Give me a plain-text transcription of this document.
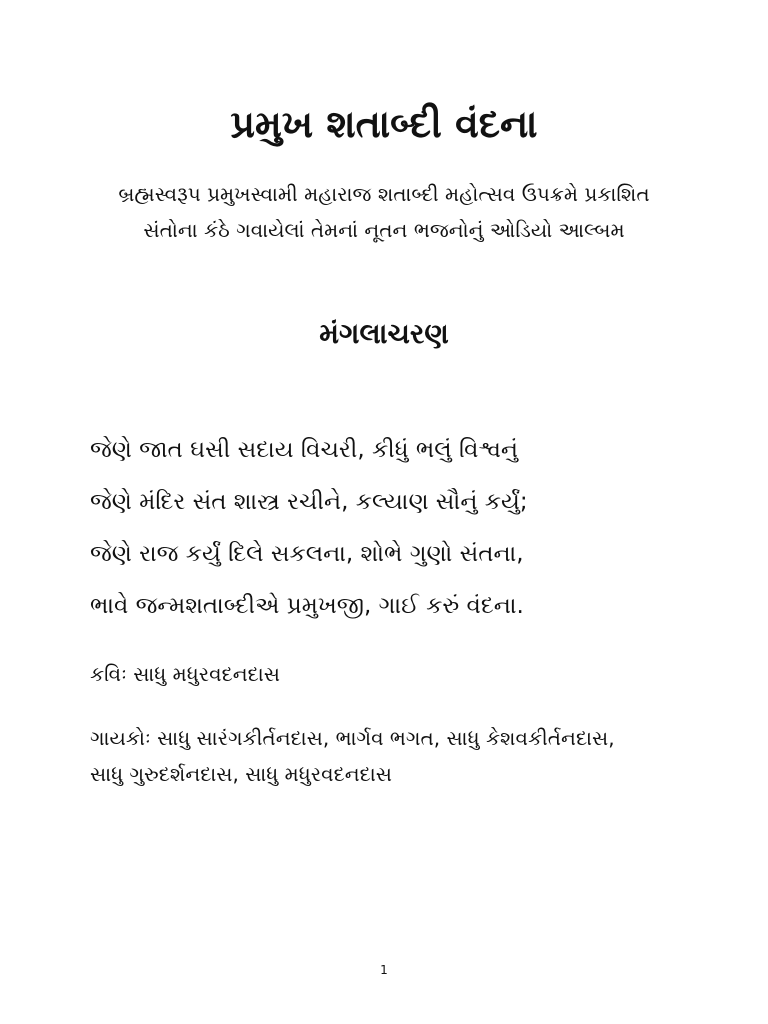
પ્રમુખ શતાબ્દી વંદના
બ્રહ્મસ્વરૂપ પ્રમુખસ્વામી મહારાજ શતાબ્દી મહોત્સવ ઉપક્રમે પ્રકાશિત
સંતોના કંઠે ગવાયેલાં તેમનાં નૂતન ભજનોનું ઓડિયો આલ્બમ
મંગલાચરણ
જેણે જાત ઘસી સદાય વિચરી, કીધું ભલું વિશ્વનું
જેણે મંદિર સંત શાસ્ત્ર રચીને, કલ્યાણ સૌનું કર્યું;
જેણે રાજ કર્યું દિલે સકલના, શોભે ગુણો સંતના,
ભાવે જન્મશતાબ્દીએ પ્રમુખજી, ગાઈ કરું વંદના.
કવિઃ સાધુ મધુરવદનદાસ
ગાયકોઃ સાધુ સારંગકીર્તનદાસ, ભાર્ગવ ભગત, સાધુ કેશવકીર્તનદાસ,
સાધુ ગુરુદર્શનદાસ, સાધુ મધુરવદનદાસ
1
